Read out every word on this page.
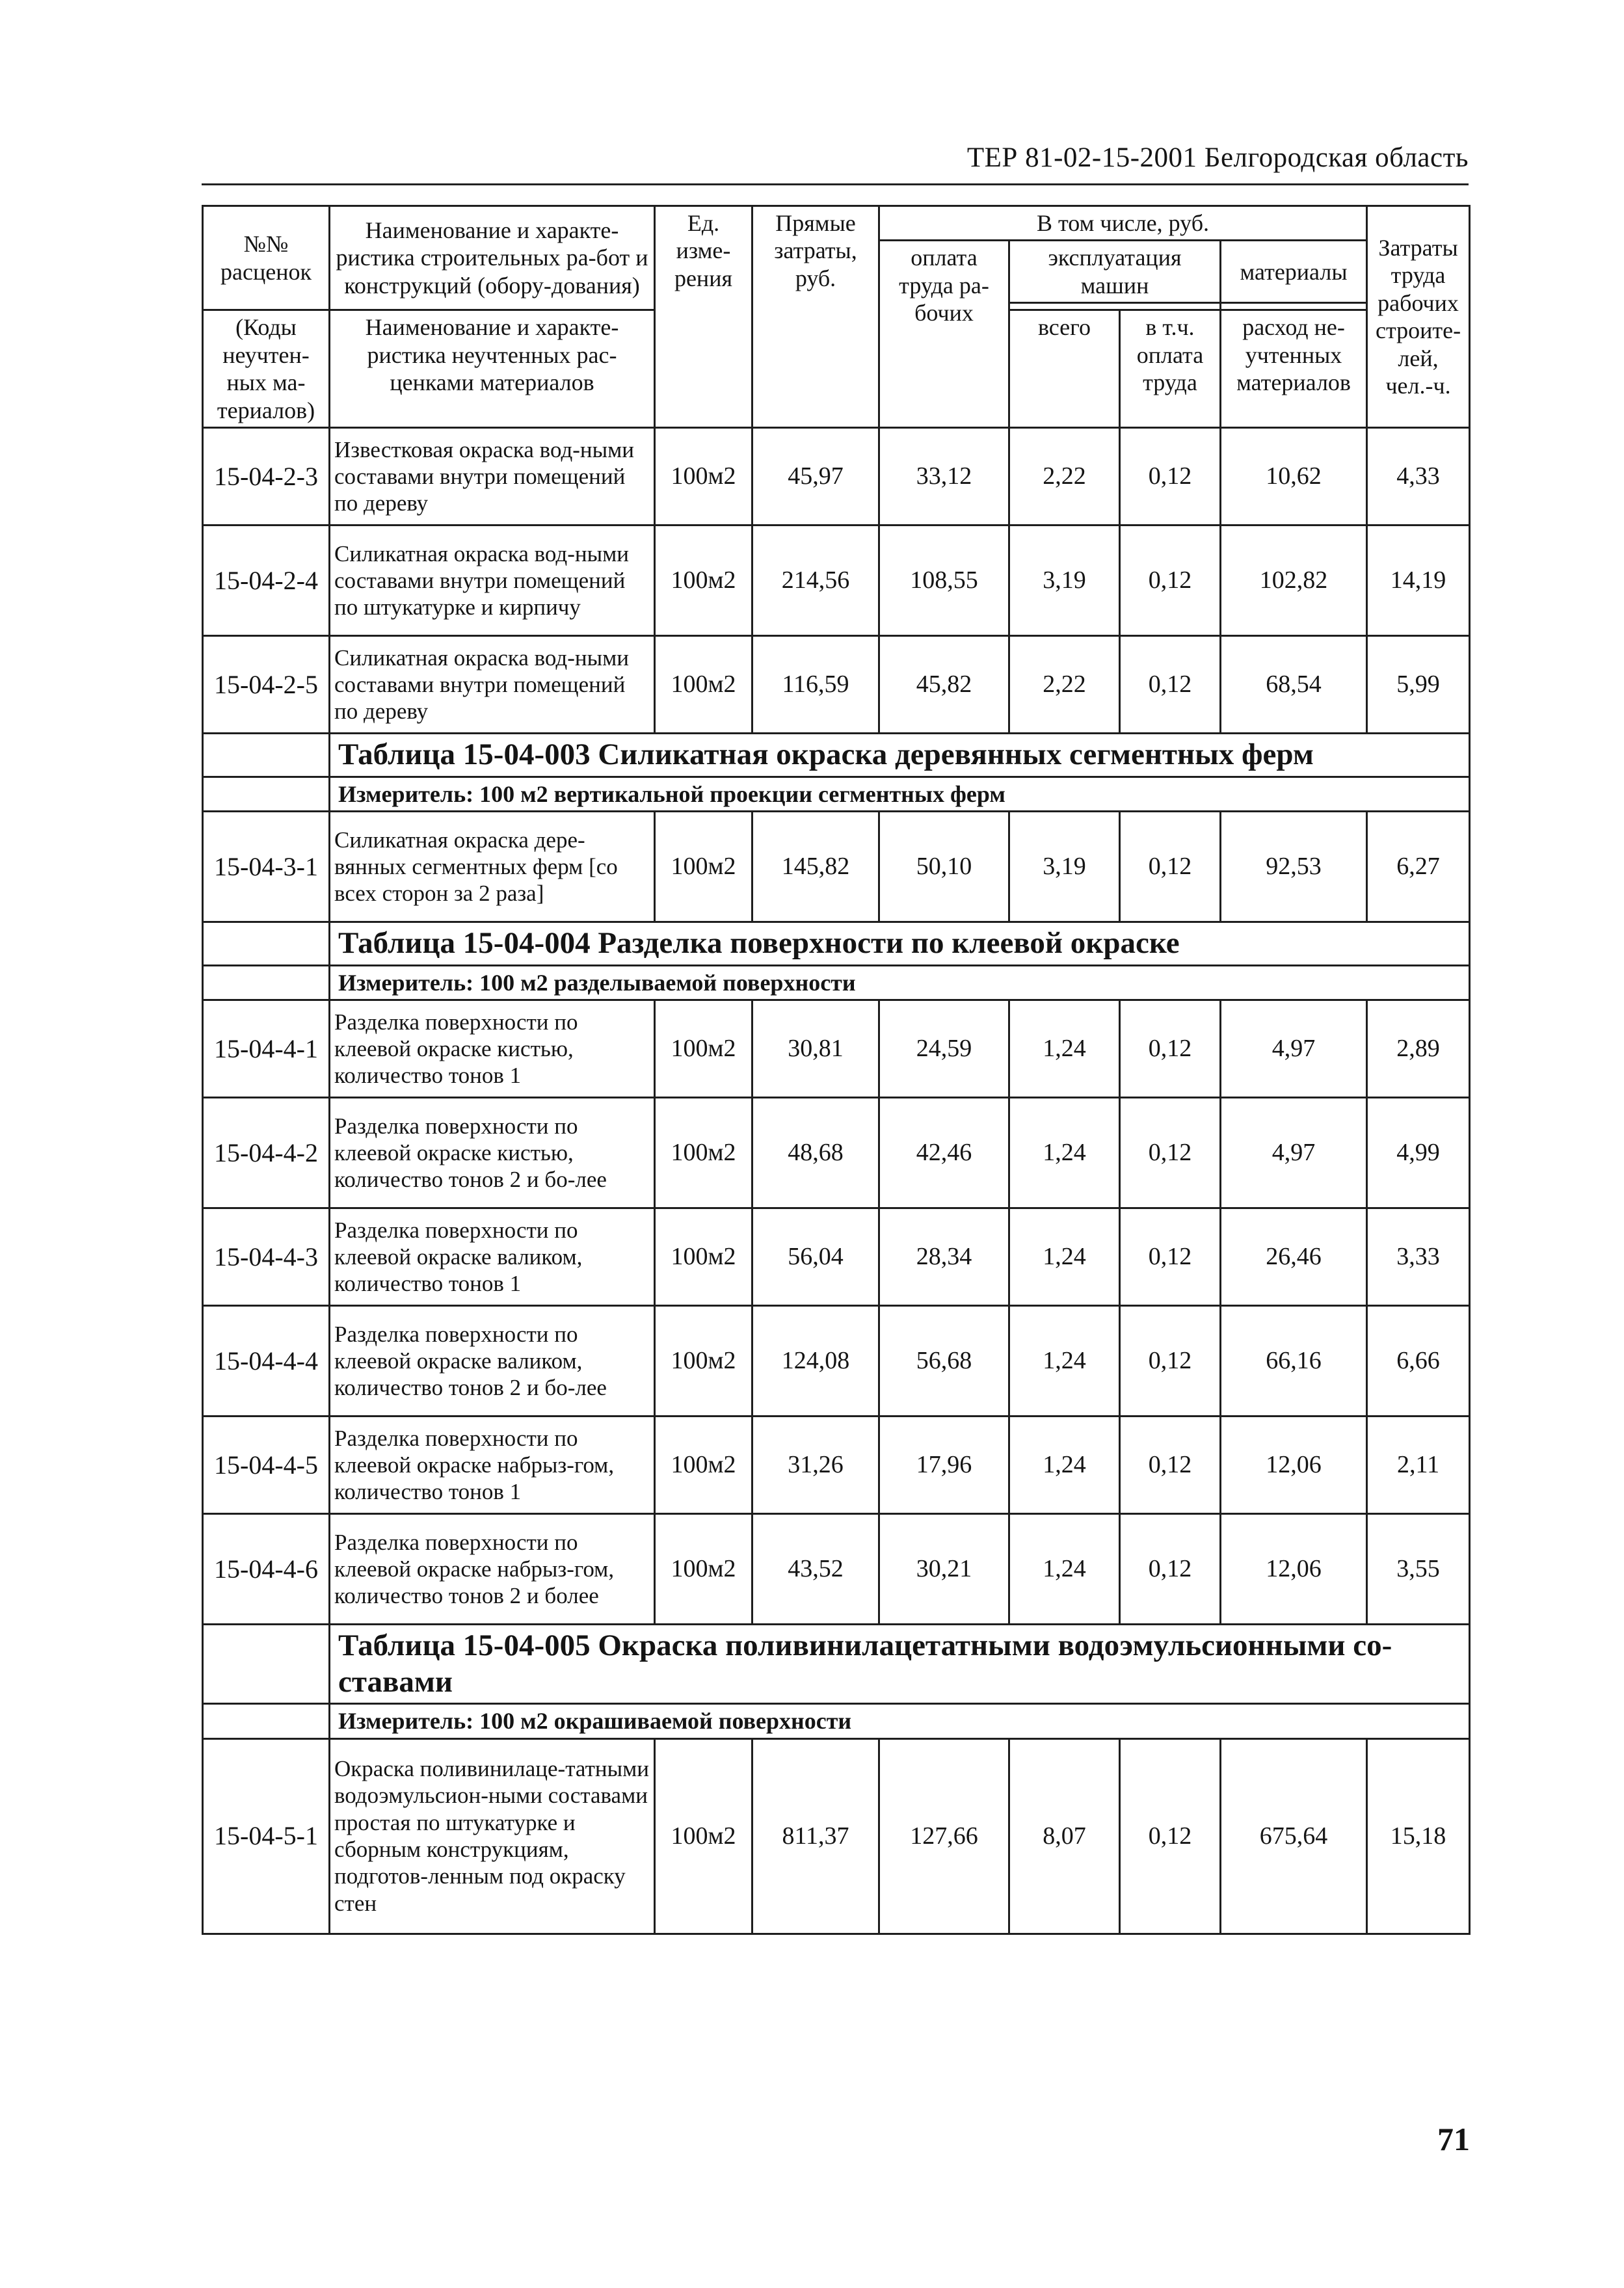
ТЕР 81-02-15-2001 Белгородская область
№№ расценок	Наименование и характе-ристика строительных ра-бот и конструкций (обору-дования)	Ед. изме-рения	Прямые затраты, руб.	В том числе, руб.				Затраты труда рабочих строите-лей, чел.-ч.
				оплата труда ра-бочих	эксплуатация машин		материалы	

(Коды неучтен-ных ма-териалов)	Наименование и характе-ристика неучтенных рас-ценками материалов				всего	в т.ч. оплата труда	расход не-учтенных материалов	

15-04-2-3	Известковая окраска вод-ными составами внутри помещений по дереву	100м2	45,97	33,12	2,22	0,12	10,62	4,33
15-04-2-4	Силикатная окраска вод-ными составами внутри помещений по штукатурке и кирпичу	100м2	214,56	108,55	3,19	0,12	102,82	14,19
15-04-2-5	Силикатная окраска вод-ными составами внутри помещений по дереву	100м2	116,59	45,82	2,22	0,12	68,54	5,99
	Таблица 15-04-003 Силикатная окраска деревянных сегментных ферм							
	Измеритель: 100 м2 вертикальной проекции сегментных ферм							
15-04-3-1	Силикатная окраска дере-вянных сегментных ферм [со всех сторон за 2 раза]	100м2	145,82	50,10	3,19	0,12	92,53	6,27
	Таблица 15-04-004 Разделка поверхности по клеевой окраске							
	Измеритель: 100 м2 разделываемой поверхности							
15-04-4-1	Разделка поверхности по клеевой окраске кистью, количество тонов 1	100м2	30,81	24,59	1,24	0,12	4,97	2,89
15-04-4-2	Разделка поверхности по клеевой окраске кистью, количество тонов 2 и бо-лее	100м2	48,68	42,46	1,24	0,12	4,97	4,99
15-04-4-3	Разделка поверхности по клеевой окраске валиком, количество тонов 1	100м2	56,04	28,34	1,24	0,12	26,46	3,33
15-04-4-4	Разделка поверхности по клеевой окраске валиком, количество тонов 2 и бо-лее	100м2	124,08	56,68	1,24	0,12	66,16	6,66
15-04-4-5	Разделка поверхности по клеевой окраске набрыз-гом, количество тонов 1	100м2	31,26	17,96	1,24	0,12	12,06	2,11
15-04-4-6	Разделка поверхности по клеевой окраске набрыз-гом, количество тонов 2 и более	100м2	43,52	30,21	1,24	0,12	12,06	3,55
	Таблица 15-04-005 Окраска поливинилацетатными водоэмульсионными со-ставами							
	Измеритель: 100 м2 окрашиваемой поверхности							
15-04-5-1	Окраска поливинилаце-татными водоэмульсион-ными составами простая по штукатурке и сборным конструкциям, подготов-ленным под окраску стен	100м2	811,37	127,66	8,07	0,12	675,64	15,18
71
